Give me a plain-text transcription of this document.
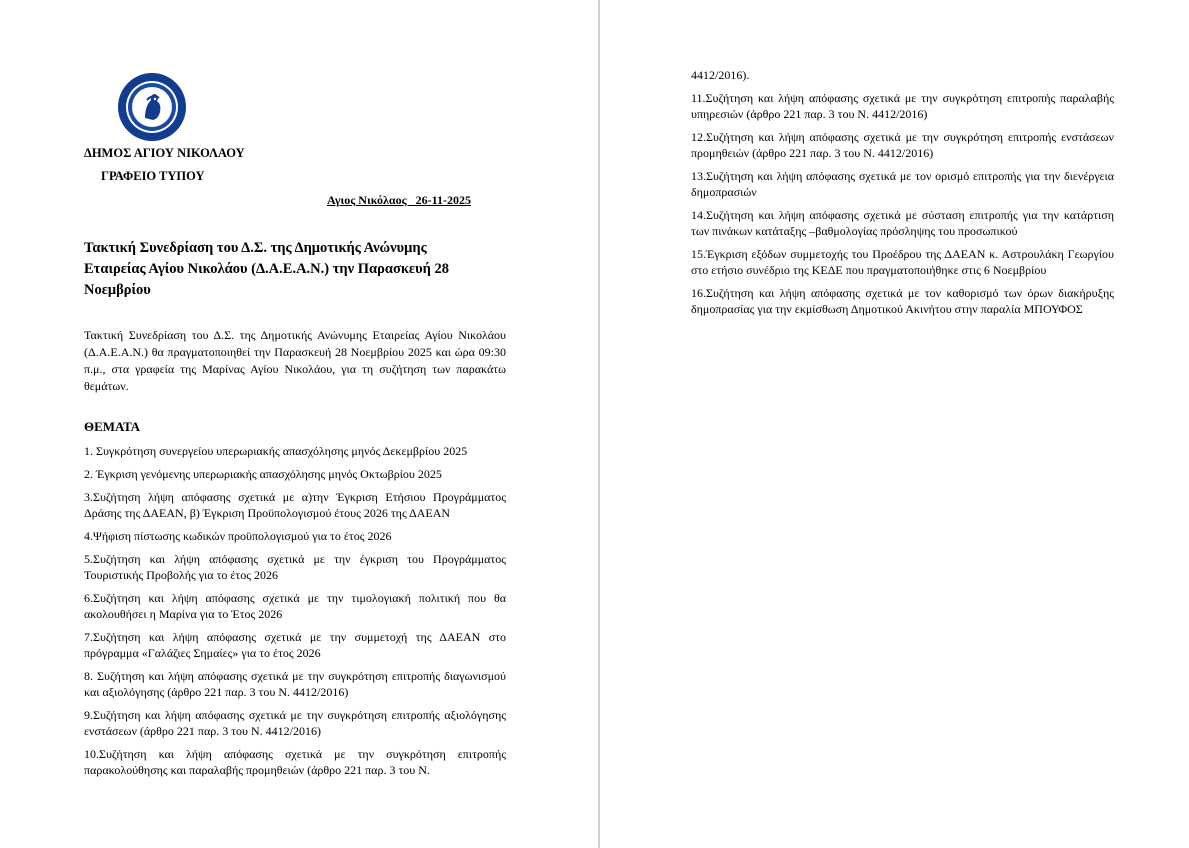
ΔΗΜΟΣ ΑΓΙΟΥ ΝΙΚΟΛΑΟΥ
ΓΡΑΦΕΙΟ ΤΥΠΟΥ
Αγιος Νικόλαος   26-11-2025
Τακτική Συνεδρίαση του Δ.Σ. της Δημοτικής Ανώνυμης Εταιρείας Αγίου Νικολάου (Δ.Α.Ε.Α.Ν.) την Παρασκευή 28 Νοεμβρίου
Τακτική Συνεδρίαση του Δ.Σ. της Δημοτικής Ανώνυμης Εταιρείας Αγίου Νικολάου (Δ.Α.Ε.Α.Ν.) θα πραγματοποιηθεί την Παρασκευή 28 Νοεμβρίου 2025 και ώρα 09:30 π.μ., στα γραφεία της Μαρίνας Αγίου Νικολάου, για τη συζήτηση των παρακάτω θεμάτων.
ΘΕΜΑΤΑ

1. Συγκρότηση συνεργείου υπερωριακής απασχόλησης μηνός Δεκεμβρίου 2025

2. Έγκριση γενόμενης υπερωριακής απασχόλησης μηνός Οκτωβρίου 2025

3.Συζήτηση λήψη απόφασης σχετικά με α)την Έγκριση Ετήσιου Προγράμματος Δράσης της ΔΑΕΑΝ, β) Έγκριση Προϋπολογισμού έτους 2026 της ΔΑΕΑΝ

4.Ψήφιση πίστωσης κωδικών προϋπολογισμού για το έτος 2026

5.Συζήτηση και λήψη απόφασης σχετικά με την έγκριση του Προγράμματος Τουριστικής Προβολής για το έτος 2026

6.Συζήτηση και λήψη απόφασης σχετικά με την τιμολογιακή πολιτική που θα ακολουθήσει η Μαρίνα για το Έτος 2026

7.Συζήτηση και λήψη απόφασης σχετικά με την συμμετοχή της ΔΑΕΑΝ στο πρόγραμμα «Γαλάζιες Σημαίες» για το έτος 2026

8. Συζήτηση και λήψη απόφασης σχετικά με την συγκρότηση επιτροπής διαγωνισμού και αξιολόγησης (άρθρο 221 παρ. 3 του Ν. 4412/2016)

9.Συζήτηση και λήψη απόφασης σχετικά με την συγκρότηση επιτροπής αξιολόγησης ενστάσεων (άρθρο 221 παρ. 3 του Ν. 4412/2016)

10.Συζήτηση και λήψη απόφασης σχετικά με την συγκρότηση επιτροπής παρακολούθησης και παραλαβής προμηθειών (άρθρο 221 παρ. 3 του Ν.

4412/2016).

11.Συζήτηση και λήψη απόφασης σχετικά με την συγκρότηση επιτροπής παραλαβής υπηρεσιών (άρθρο 221 παρ. 3 του Ν. 4412/2016)

12.Συζήτηση και λήψη απόφασης σχετικά με την συγκρότηση επιτροπής ενστάσεων προμηθειών (άρθρο 221 παρ. 3 του Ν. 4412/2016)

13.Συζήτηση και λήψη απόφασης σχετικά με τον ορισμό επιτροπής για την διενέργεια δημοπρασιών

14.Συζήτηση και λήψη απόφασης σχετικά με σύσταση επιτροπής για την κατάρτιση των πινάκων κατάταξης –βαθμολογίας πρόσληψης του προσωπικού

15.Έγκριση εξόδων συμμετοχής του Προέδρου της ΔΑΕΑΝ κ. Αστρουλάκη Γεωργίου στο ετήσιο συνέδριο της ΚΕΔΕ που πραγματοποιήθηκε στις 6 Νοεμβρίου

16.Συζήτηση και λήψη απόφασης σχετικά με τον καθορισμό των όρων διακήρυξης δημοπρασίας για την εκμίσθωση Δημοτικού Ακινήτου στην παραλία ΜΠΟΥΦΟΣ
